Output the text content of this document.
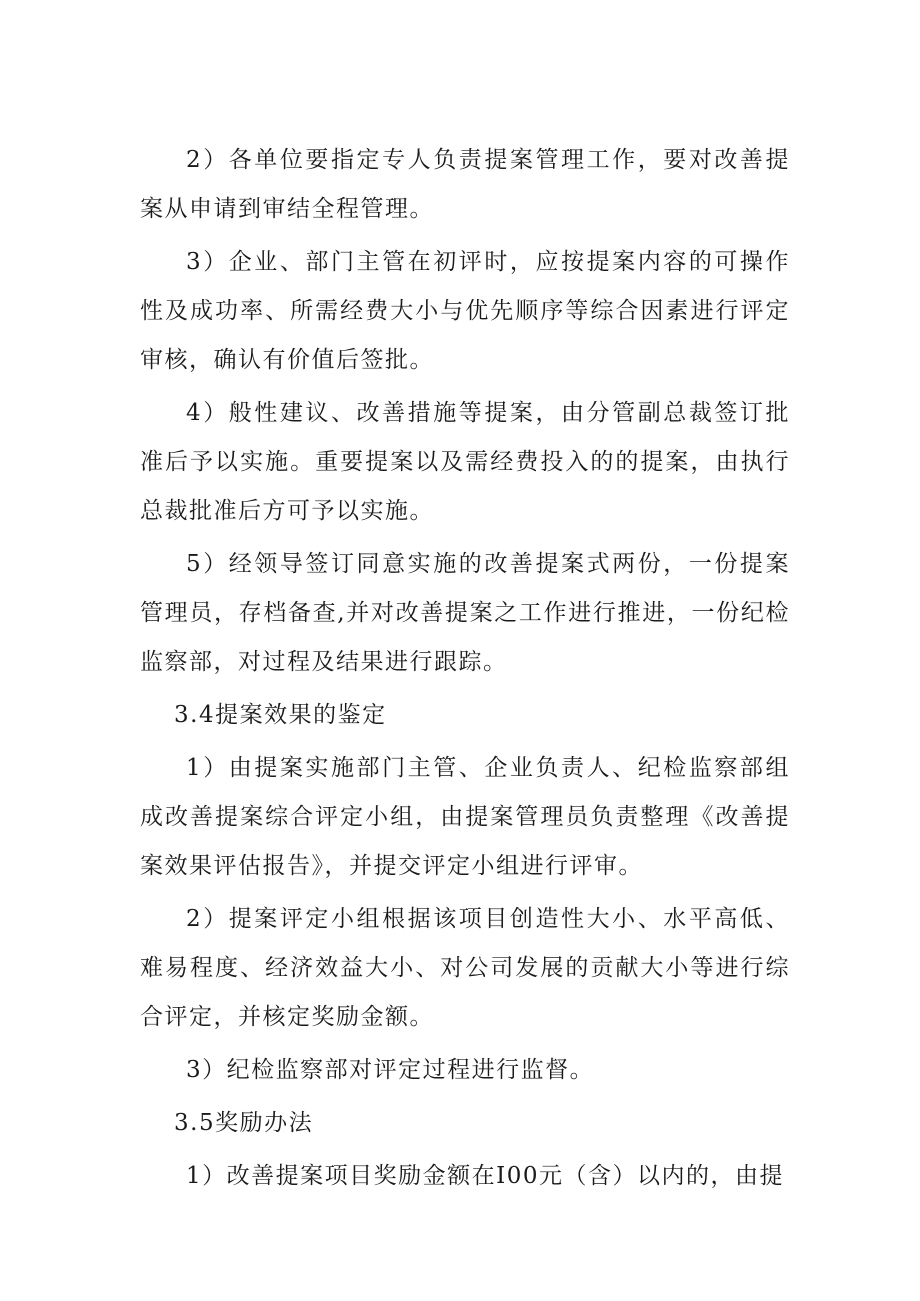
2）各单位要指定专人负责提案管理工作，要对改善提案从申请到审结全程管理。

3）企业、部门主管在初评时，应按提案内容的可操作性及成功率、所需经费大小与优先顺序等综合因素进行评定审核，确认有价值后签批。

4）般性建议、改善措施等提案，由分管副总裁签订批准后予以实施。重要提案以及需经费投入的的提案，由执行总裁批准后方可予以实施。

5）经领导签订同意实施的改善提案式两份，一份提案管理员，存档备查,并对改善提案之工作进行推进，一份纪检监察部，对过程及结果进行跟踪。

3.4提案效果的鉴定

1）由提案实施部门主管、企业负责人、纪检监察部组成改善提案综合评定小组，由提案管理员负责整理《改善提案效果评估报告》，并提交评定小组进行评审。

2）提案评定小组根据该项目创造性大小、水平高低、难易程度、经济效益大小、对公司发展的贡献大小等进行综合评定，并核定奖励金额。

3）纪检监察部对评定过程进行监督。

3.5奖励办法

1）改善提案项目奖励金额在I00元（含）以内的，由提
